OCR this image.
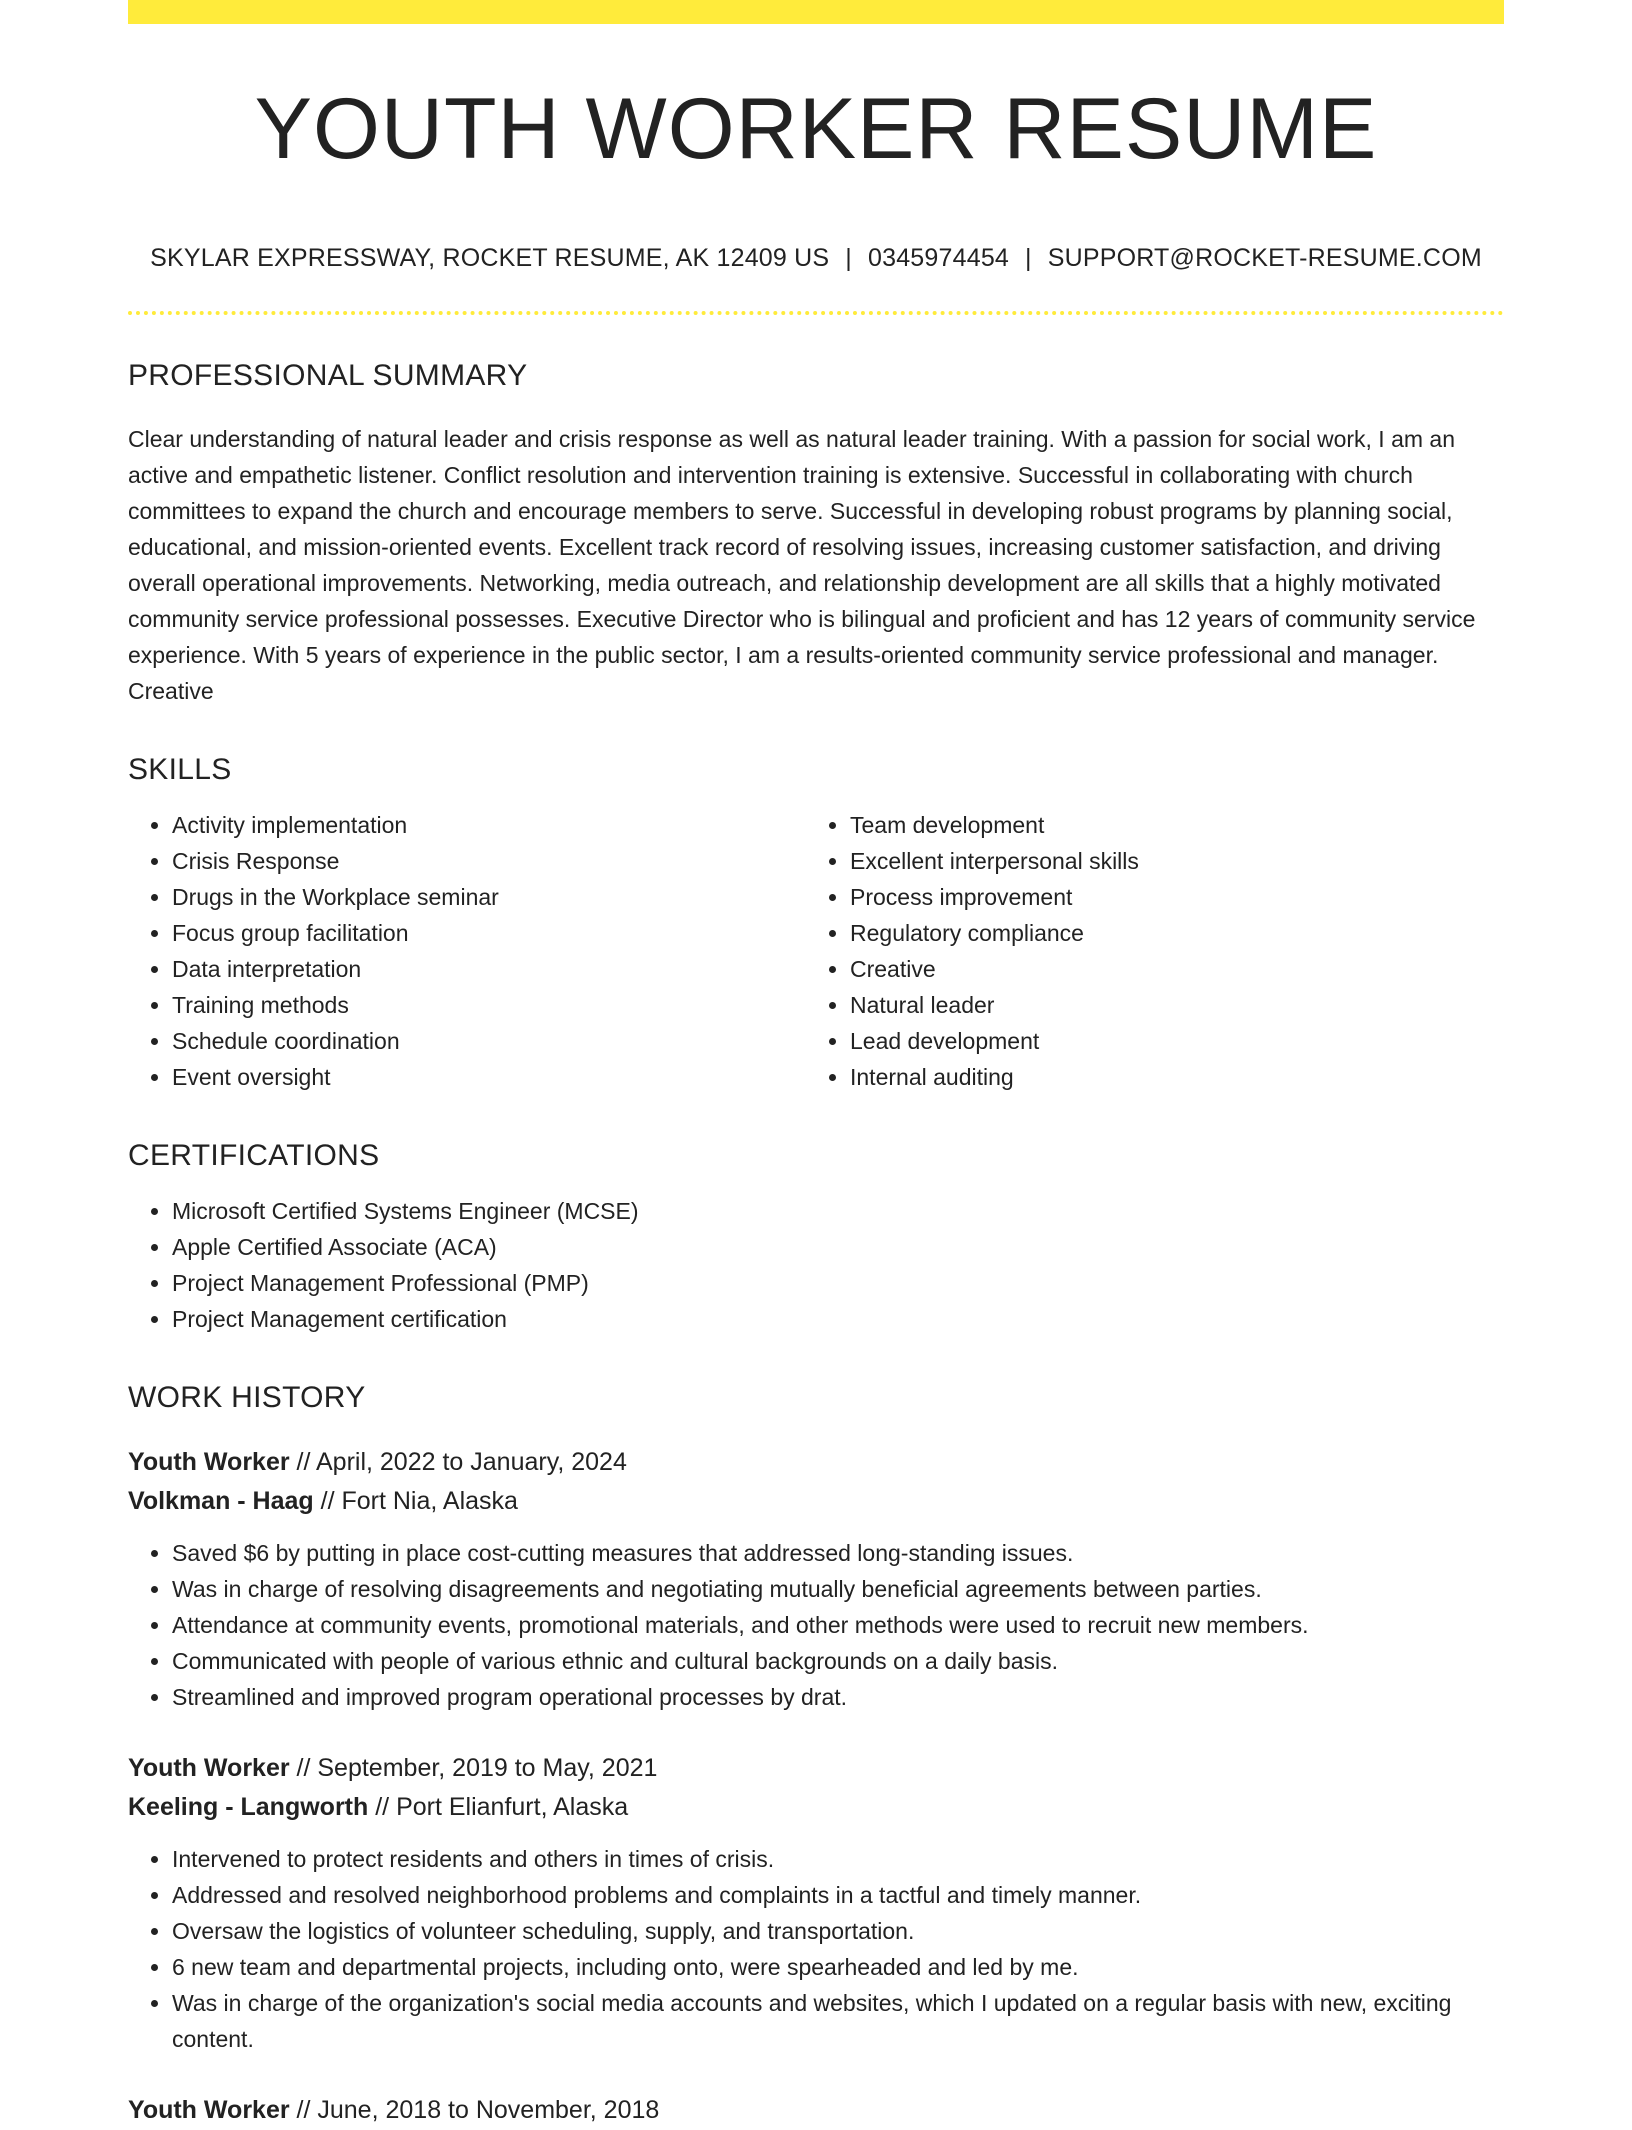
YOUTH WORKER RESUME
SKYLAR EXPRESSWAY, ROCKET RESUME, AK 12409 US | 0345974454 | SUPPORT@ROCKET-RESUME.COM
PROFESSIONAL SUMMARY

Clear understanding of natural leader and crisis response as well as natural leader training. With a passion for social work, I am an active and empathetic listener. Conflict resolution and intervention training is extensive. Successful in collaborating with church committees to expand the church and encourage members to serve. Successful in developing robust programs by planning social, educational, and mission-oriented events. Excellent track record of resolving issues, increasing customer satisfaction, and driving overall operational improvements. Networking, media outreach, and relationship development are all skills that a highly motivated community service professional possesses. Executive Director who is bilingual and proficient and has 12 years of community service experience. With 5 years of experience in the public sector, I am a results-oriented community service professional and manager. Creative

SKILLS
• Activity implementation
• Crisis Response
• Drugs in the Workplace seminar
• Focus group facilitation
• Data interpretation
• Training methods
• Schedule coordination
• Event oversight
• Team development
• Excellent interpersonal skills
• Process improvement
• Regulatory compliance
• Creative
• Natural leader
• Lead development
• Internal auditing
CERTIFICATIONS
• Microsoft Certified Systems Engineer (MCSE)
• Apple Certified Associate (ACA)
• Project Management Professional (PMP)
• Project Management certification
WORK HISTORY
Youth Worker // April, 2022 to January, 2024
Volkman - Haag // Fort Nia, Alaska
• Saved $6 by putting in place cost-cutting measures that addressed long-standing issues.
• Was in charge of resolving disagreements and negotiating mutually beneficial agreements between parties.
• Attendance at community events, promotional materials, and other methods were used to recruit new members.
• Communicated with people of various ethnic and cultural backgrounds on a daily basis.
• Streamlined and improved program operational processes by drat.
Youth Worker // September, 2019 to May, 2021
Keeling - Langworth // Port Elianfurt, Alaska
• Intervened to protect residents and others in times of crisis.
• Addressed and resolved neighborhood problems and complaints in a tactful and timely manner.
• Oversaw the logistics of volunteer scheduling, supply, and transportation.
• 6 new team and departmental projects, including onto, were spearheaded and led by me.
• Was in charge of the organization's social media accounts and websites, which I updated on a regular basis with new, exciting content.
Youth Worker // June, 2018 to November, 2018
